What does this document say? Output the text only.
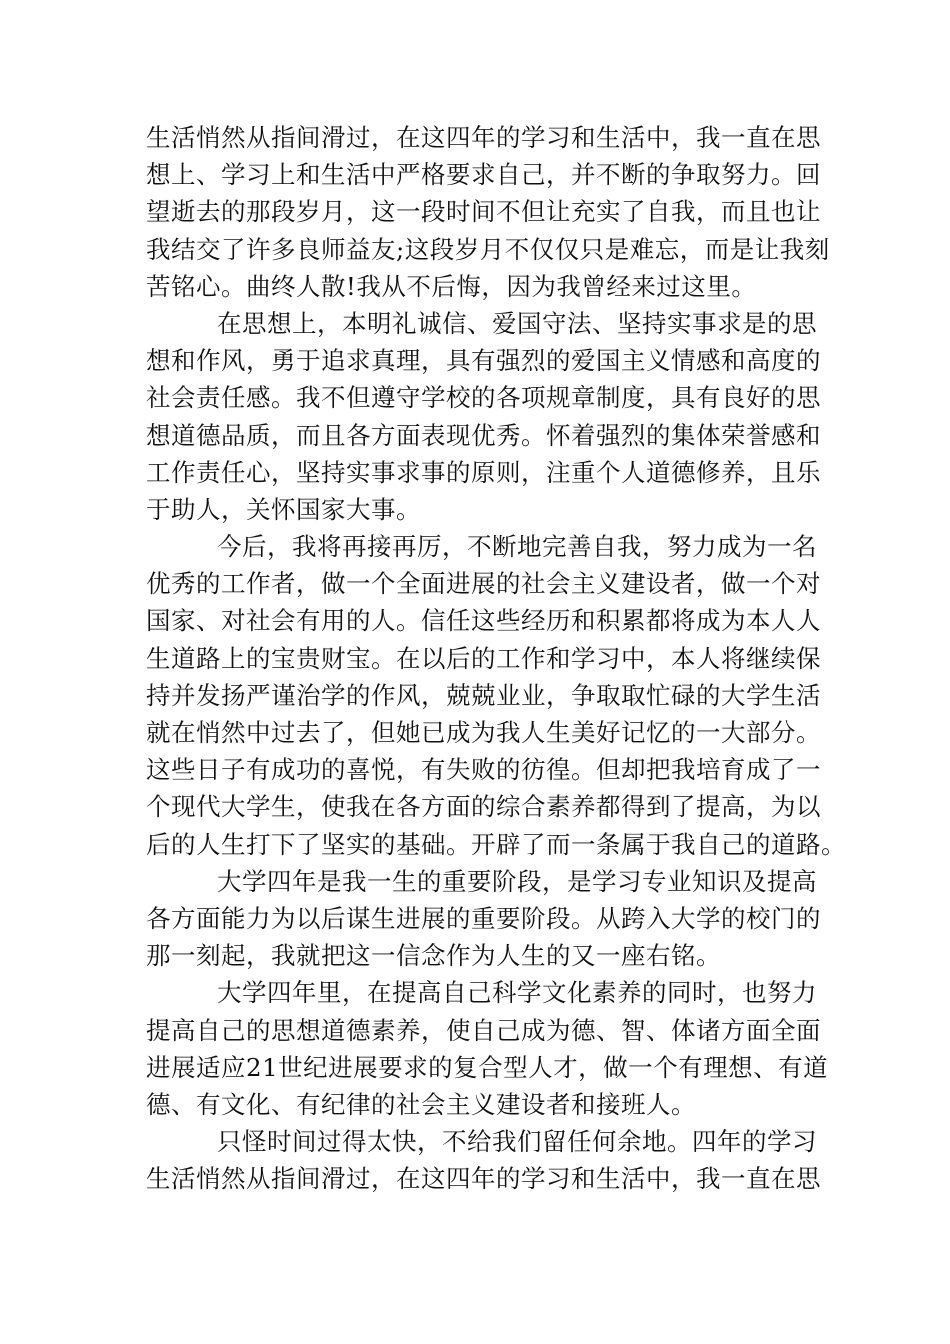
生活悄然从指间滑过，在这四年的学习和生活中，我一直在思
想上、学习上和生活中严格要求自己，并不断的争取努力。回
望逝去的那段岁月，这一段时间不但让充实了自我，而且也让
我结交了许多良师益友;这段岁月不仅仅只是难忘，而是让我刻
苦铭心。曲终人散!我从不后悔，因为我曾经来过这里。
在思想上，本明礼诚信、爱国守法、坚持实事求是的思
想和作风，勇于追求真理，具有强烈的爱国主义情感和高度的
社会责任感。我不但遵守学校的各项规章制度，具有良好的思
想道德品质，而且各方面表现优秀。怀着强烈的集体荣誉感和
工作责任心，坚持实事求事的原则，注重个人道德修养，且乐
于助人，关怀国家大事。
今后，我将再接再厉，不断地完善自我，努力成为一名
优秀的工作者，做一个全面进展的社会主义建设者，做一个对
国家、对社会有用的人。信任这些经历和积累都将成为本人人
生道路上的宝贵财宝。在以后的工作和学习中，本人将继续保
持并发扬严谨治学的作风，兢兢业业，争取取忙碌的大学生活
就在悄然中过去了，但她已成为我人生美好记忆的一大部分。
这些日子有成功的喜悦，有失败的彷徨。但却把我培育成了一
个现代大学生，使我在各方面的综合素养都得到了提高，为以
后的人生打下了坚实的基础。开辟了而一条属于我自己的道路。
大学四年是我一生的重要阶段，是学习专业知识及提高
各方面能力为以后谋生进展的重要阶段。从跨入大学的校门的
那一刻起，我就把这一信念作为人生的又一座右铭。
大学四年里，在提高自己科学文化素养的同时，也努力
提高自己的思想道德素养，使自己成为德、智、体诸方面全面
进展适应21世纪进展要求的复合型人才，做一个有理想、有道
德、有文化、有纪律的社会主义建设者和接班人。
只怪时间过得太快，不给我们留任何余地。四年的学习
生活悄然从指间滑过，在这四年的学习和生活中，我一直在思
